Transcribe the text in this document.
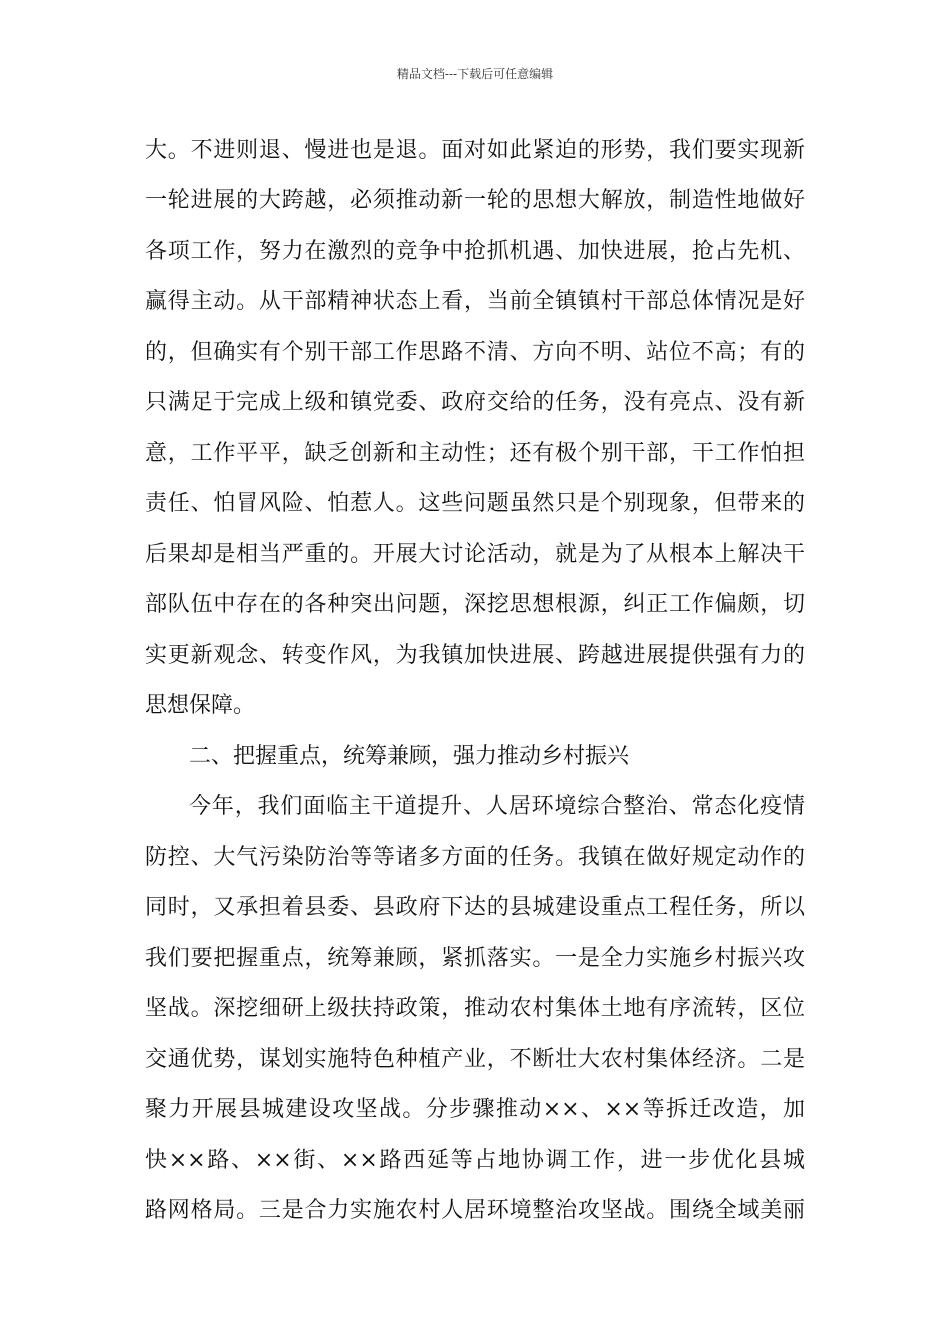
精品文档---下载后可任意编辑
大。不进则退、慢进也是退。面对如此紧迫的形势，我们要实现新
一轮进展的大跨越，必须推动新一轮的思想大解放，制造性地做好
各项工作，努力在激烈的竞争中抢抓机遇、加快进展，抢占先机、
赢得主动。从干部精神状态上看，当前全镇镇村干部总体情况是好
的，但确实有个别干部工作思路不清、方向不明、站位不高；有的
只满足于完成上级和镇党委、政府交给的任务，没有亮点、没有新
意，工作平平，缺乏创新和主动性；还有极个别干部，干工作怕担
责任、怕冒风险、怕惹人。这些问题虽然只是个别现象，但带来的
后果却是相当严重的。开展大讨论活动，就是为了从根本上解决干
部队伍中存在的各种突出问题，深挖思想根源，纠正工作偏颇，切
实更新观念、转变作风，为我镇加快进展、跨越进展提供强有力的
思想保障。
二、把握重点，统筹兼顾，强力推动乡村振兴
今年，我们面临主干道提升、人居环境综合整治、常态化疫情
防控、大气污染防治等等诸多方面的任务。我镇在做好规定动作的
同时，又承担着县委、县政府下达的县城建设重点工程任务，所以
我们要把握重点，统筹兼顾，紧抓落实。一是全力实施乡村振兴攻
坚战。深挖细研上级扶持政策，推动农村集体土地有序流转，区位
交通优势，谋划实施特色种植产业，不断壮大农村集体经济。二是
聚力开展县城建设攻坚战。分步骤推动××、××等拆迁改造，加
快××路、××街、××路西延等占地协调工作，进一步优化县城
路网格局。三是合力实施农村人居环境整治攻坚战。围绕全域美丽
